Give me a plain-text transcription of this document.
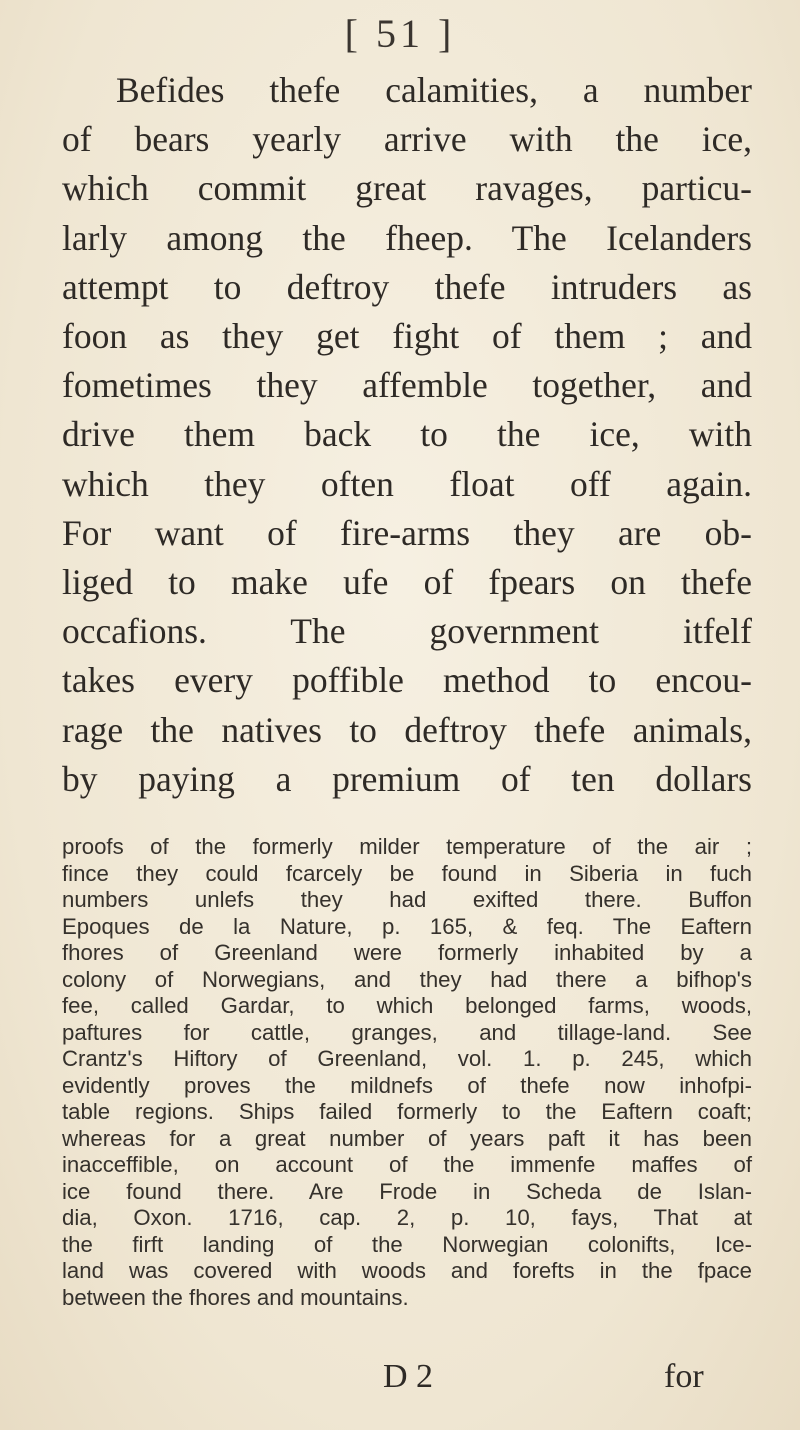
[ 51 ]
Befides thefe calamities, a number
of bears yearly arrive with the ice,
which commit great ravages, particu-
larly among the fheep. The Icelanders
attempt to deftroy thefe intruders as
foon as they get fight of them ; and
fometimes they affemble together, and
drive them back to the ice, with
which they often float off again.
For want of fire-arms they are ob-
liged to make ufe of fpears on thefe
occafions. The government itfelf
takes every poffible method to encou-
rage the natives to deftroy thefe animals,
by paying a premium of ten dollars
proofs of the formerly milder temperature of the air ;
fince they could fcarcely be found in Siberia in fuch
numbers unlefs they had exifted there. Buffon
Epoques de la Nature, p. 165, & feq. The Eaftern
fhores of Greenland were formerly inhabited by a
colony of Norwegians, and they had there a bifhop's
fee, called Gardar, to which belonged farms, woods,
paftures for cattle, granges, and tillage-land. See
Crantz's Hiftory of Greenland, vol. 1. p. 245, which
evidently proves the mildnefs of thefe now inhofpi-
table regions. Ships failed formerly to the Eaftern coaft;
whereas for a great number of years paft it has been
inacceffible, on account of the immenfe maffes of
ice found there. Are Frode in Scheda de Islan-
dia, Oxon. 1716, cap. 2, p. 10, fays, That at
the firft landing of the Norwegian colonifts, Ice-
land was covered with woods and forefts in the fpace
between the fhores and mountains.
D 2	for
